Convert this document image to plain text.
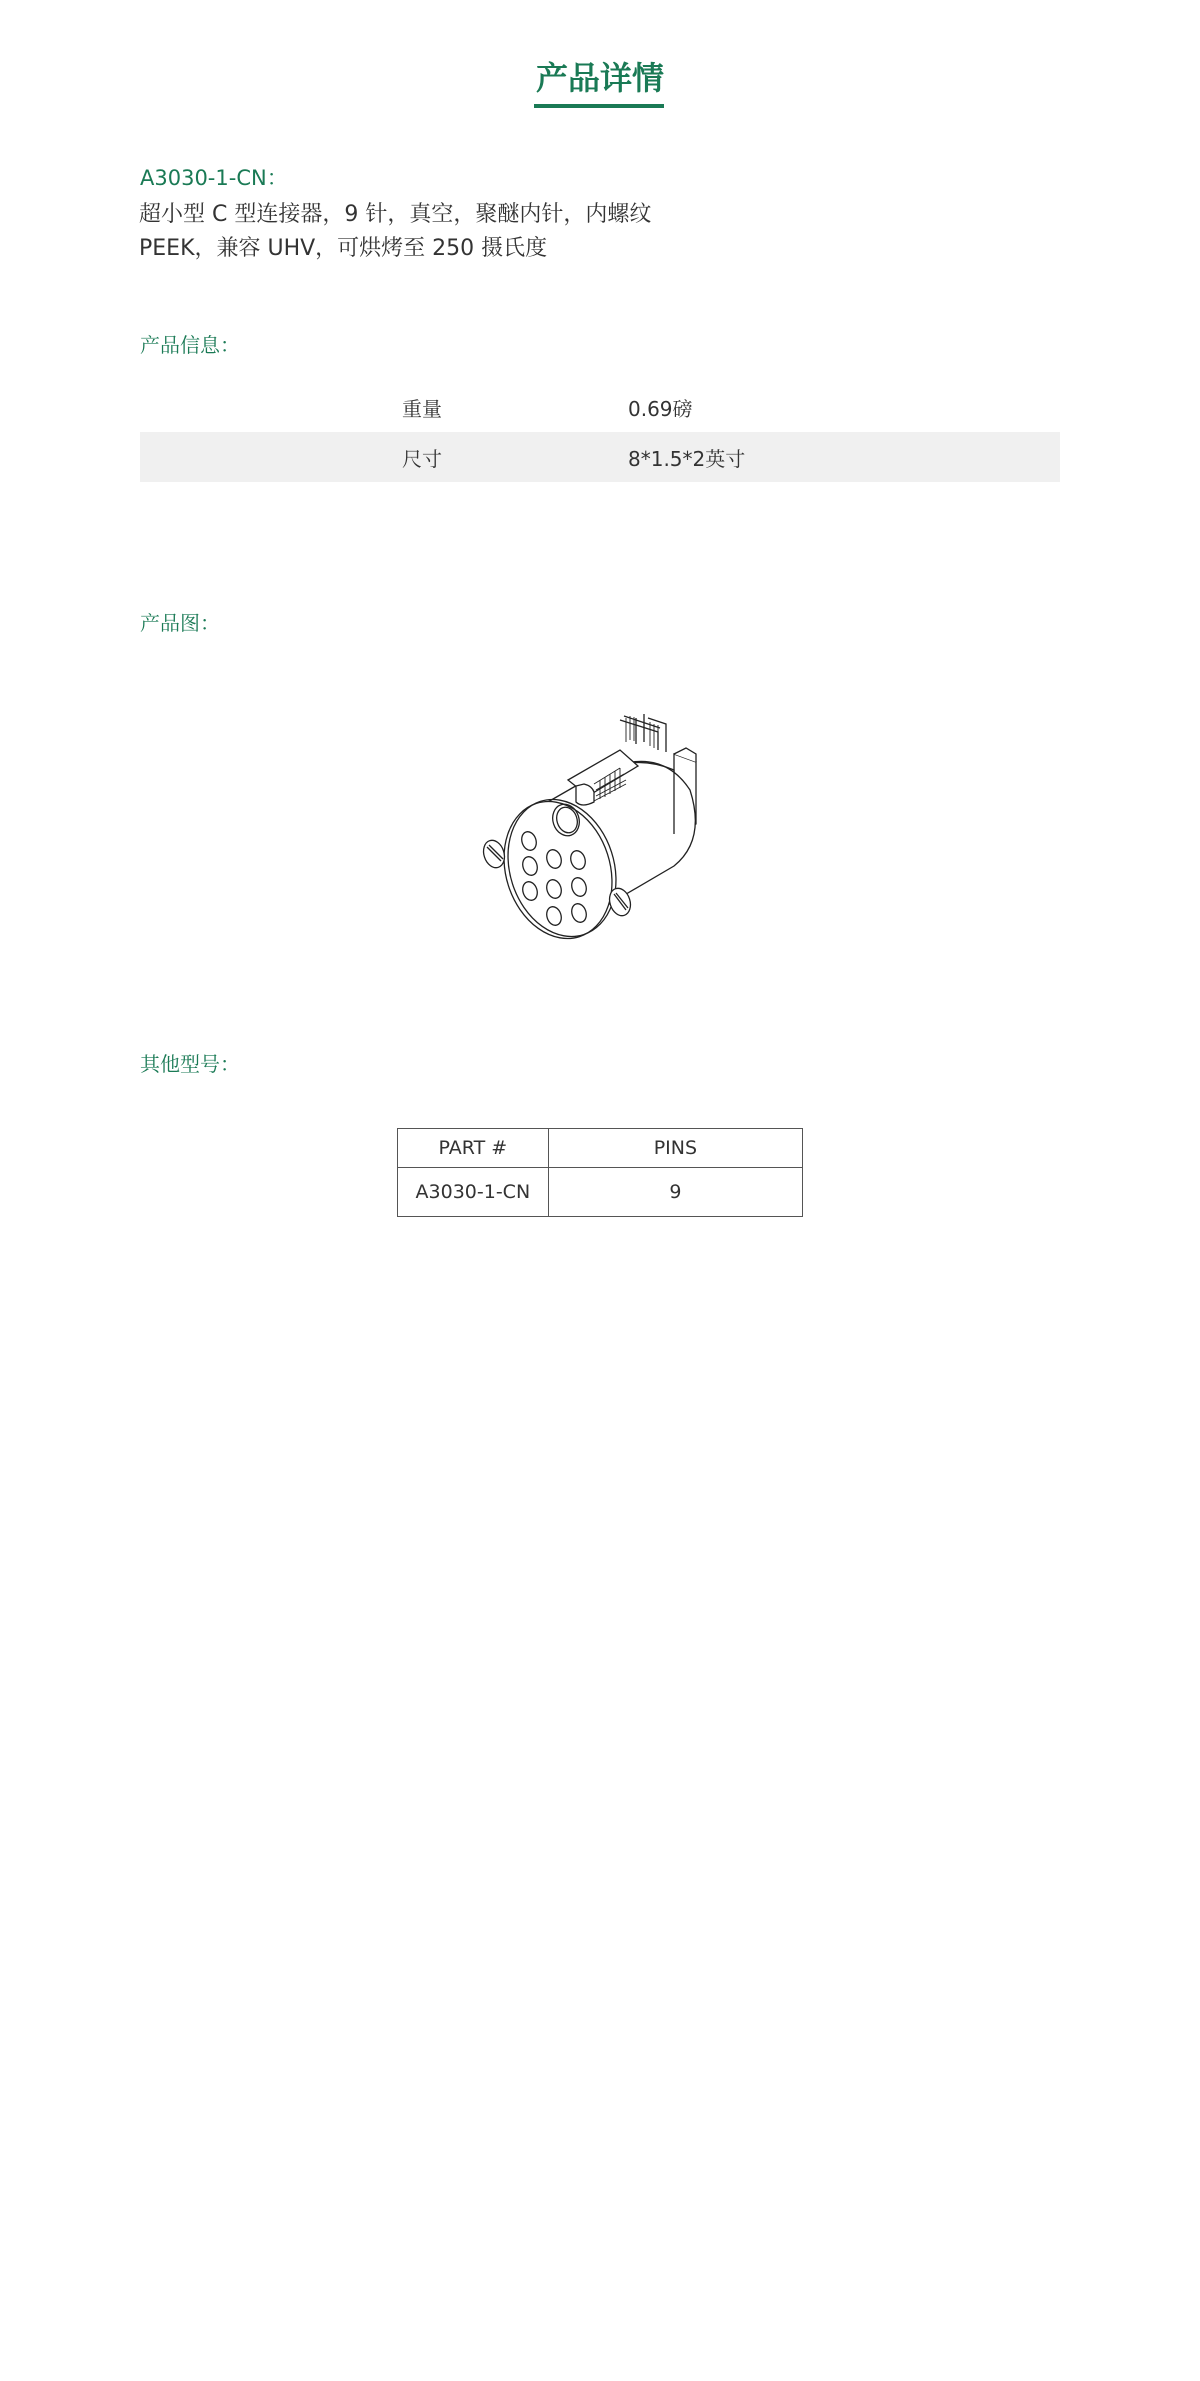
产品详情
A3030-1-CN：
超小型 C 型连接器，9 针，真空，聚醚内针，内螺纹
PEEK，兼容 UHV，可烘烤至 250 摄氏度
产品信息：
重量	0.69磅
尺寸	8*1.5*2英寸
产品图：
其他型号：
PART #	PINS
A3030-1-CN	9
